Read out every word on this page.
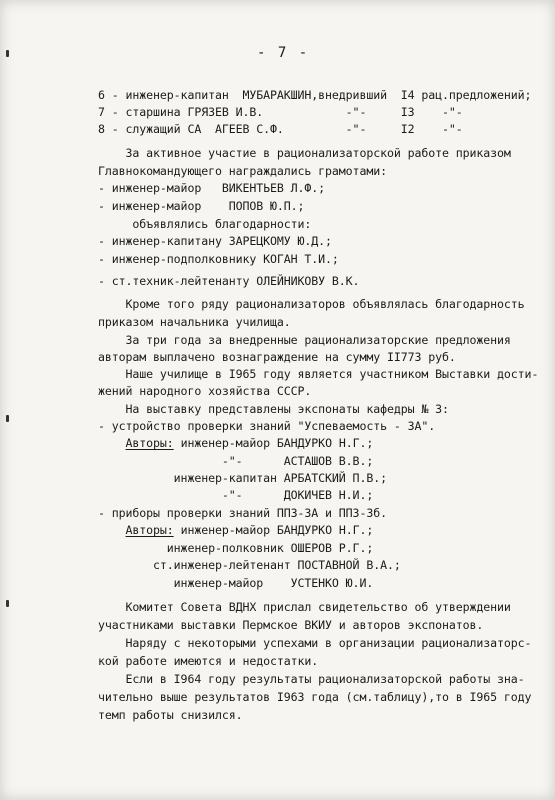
- 7 -
6 - инженер-капитан  МУБАРАКШИН,внедривший  I4 рац.предложений;
7 - старшина ГРЯЗЕВ И.В.            -"-     I3    -"-
8 - служащий СА  АГЕЕВ С.Ф.         -"-     I2    -"-
За активное участие в рационализаторской работе приказом
Главнокомандующего награждались грамотами:
- инженер-майор   ВИКЕНТЬЕВ Л.Ф.;
- инженер-майор    ПОПОВ Ю.П.;
объявлялись благодарности:
- инженер-капитану ЗАРЕЦКОМУ Ю.Д.;
- инженер-подполковнику КОГАН Т.И.;
- ст.техник-лейтенанту ОЛЕЙНИКОВУ В.К.
Кроме того ряду рационализаторов объявлялась благодарность
приказом начальника училища.
За три года за внедренные рационализаторские предложения
авторам выплачено вознаграждение на сумму II773 руб.
Наше училище в I965 году является участником Выставки дости-
жений народного хозяйства СССР.
На выставку представлены экспонаты кафедры № 3:
- устройство проверки знаний "Успеваемость - 3А".
Авторы: инженер-майор БАНДУРКО Н.Г.;
-"-      АСТАШОВ В.В.;
инженер-капитан АРБАТСКИЙ П.В.;
-"-      ДОКИЧЕВ Н.И.;
- приборы проверки знаний ППЗ-3А и ППЗ-3б.
Авторы: инженер-майор БАНДУРКО Н.Г.;
инженер-полковник ОШЕРОВ Р.Г.;
ст.инженер-лейтенант ПОСТАВНОЙ В.А.;
инженер-майор    УСТЕНКО Ю.И.
Комитет Совета ВДНХ прислал свидетельство об утверждении
участниками выставки Пермское ВКИУ и авторов экспонатов.
Наряду с некоторыми успехами в организации рационализаторс-
кой работе имеются и недостатки.
Если в I964 году результаты рационализаторской работы зна-
чительно выше результатов I963 года (см.таблицу),то в I965 году
темп работы снизился.
